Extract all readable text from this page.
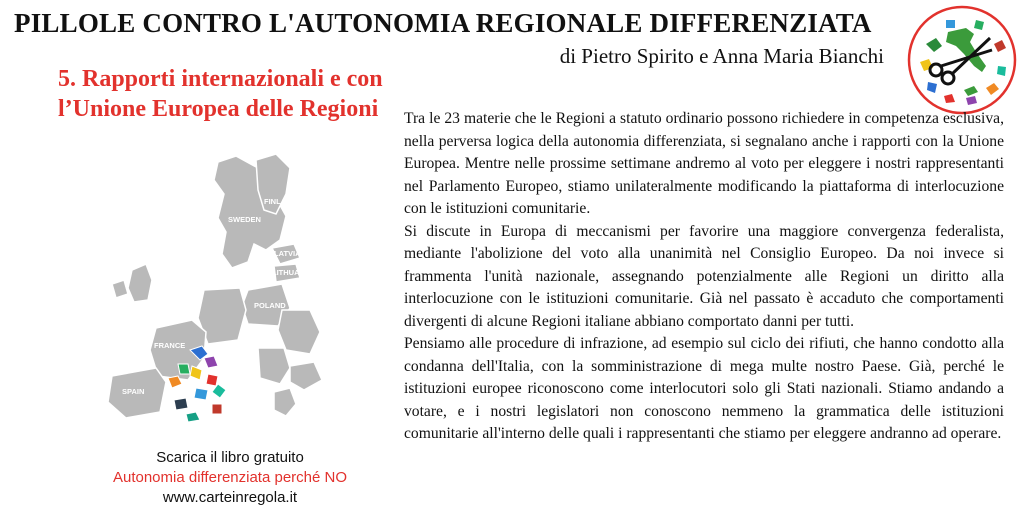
PILLOLE CONTRO L'AUTONOMIA REGIONALE DIFFERENZIATA
di Pietro Spirito e Anna Maria Bianchi
5. Rapporti internazionali e con l’Unione Europea delle Regioni
FINLAND
SWEDEN
LATVIA
LITHUANIA
POLAND
FRANCE
SPAIN
Scarica il libro gratuito
Autonomia differenziata perché NO
www.carteinregola.it

Tra le 23 materie che le Regioni a statuto ordinario possono richiedere in competenza esclusiva, nella perversa logica della autonomia differenziata, si segnalano anche i rapporti con la Unione Europea. Mentre nelle prossime settimane andremo al voto per eleggere i nostri rappresentanti nel Parlamento Europeo, stiamo unilateralmente modificando la piattaforma di interlocuzione con le istituzioni comunitarie.

Si discute in Europa di meccanismi per favorire una maggiore convergenza federalista, mediante l'abolizione del voto alla unanimità nel Consiglio Europeo. Da noi invece si frammenta l'unità nazionale, assegnando potenzialmente alle Regioni un diritto alla interlocuzione con le istituzioni comunitarie. Già nel passato è accaduto che comportamenti divergenti di alcune Regioni italiane abbiano comportato danni per tutti.

Pensiamo alle procedure di infrazione, ad esempio sul ciclo dei rifiuti, che hanno condotto alla condanna dell'Italia, con la somministrazione di mega multe nostro Paese. Già, perché le istituzioni europee riconoscono come interlocutori solo gli Stati nazionali. Stiamo andando a votare, e i nostri legislatori non conoscono nemmeno la grammatica delle istituzioni comunitarie all'interno delle quali i rappresentanti che stiamo per eleggere andranno ad operare.
